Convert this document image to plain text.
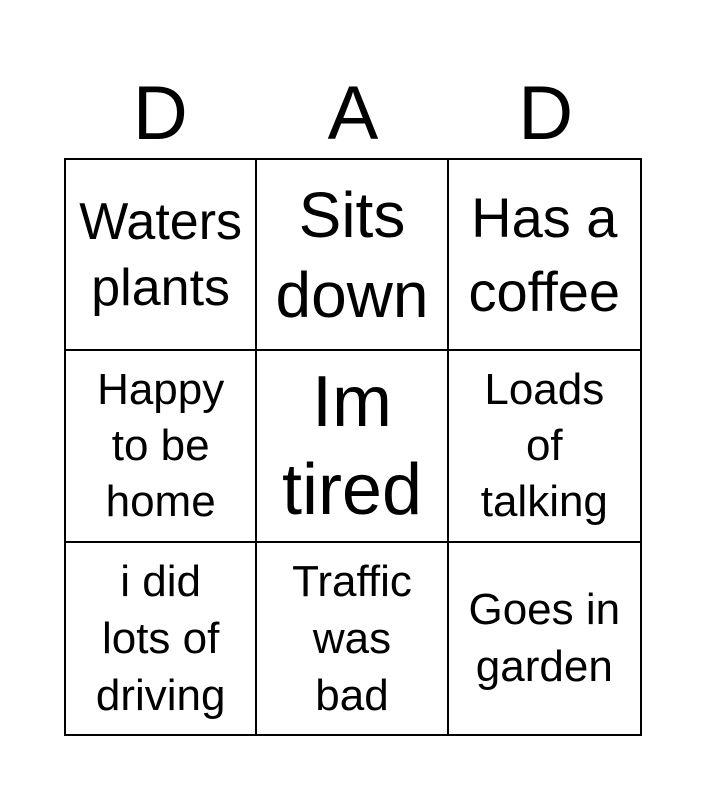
D	A	D
Waters plants
Sits down
Has a coffee
Happy to be home
Im tired
Loads of talking
i did lots of driving
Traffic was bad
Goes in garden
